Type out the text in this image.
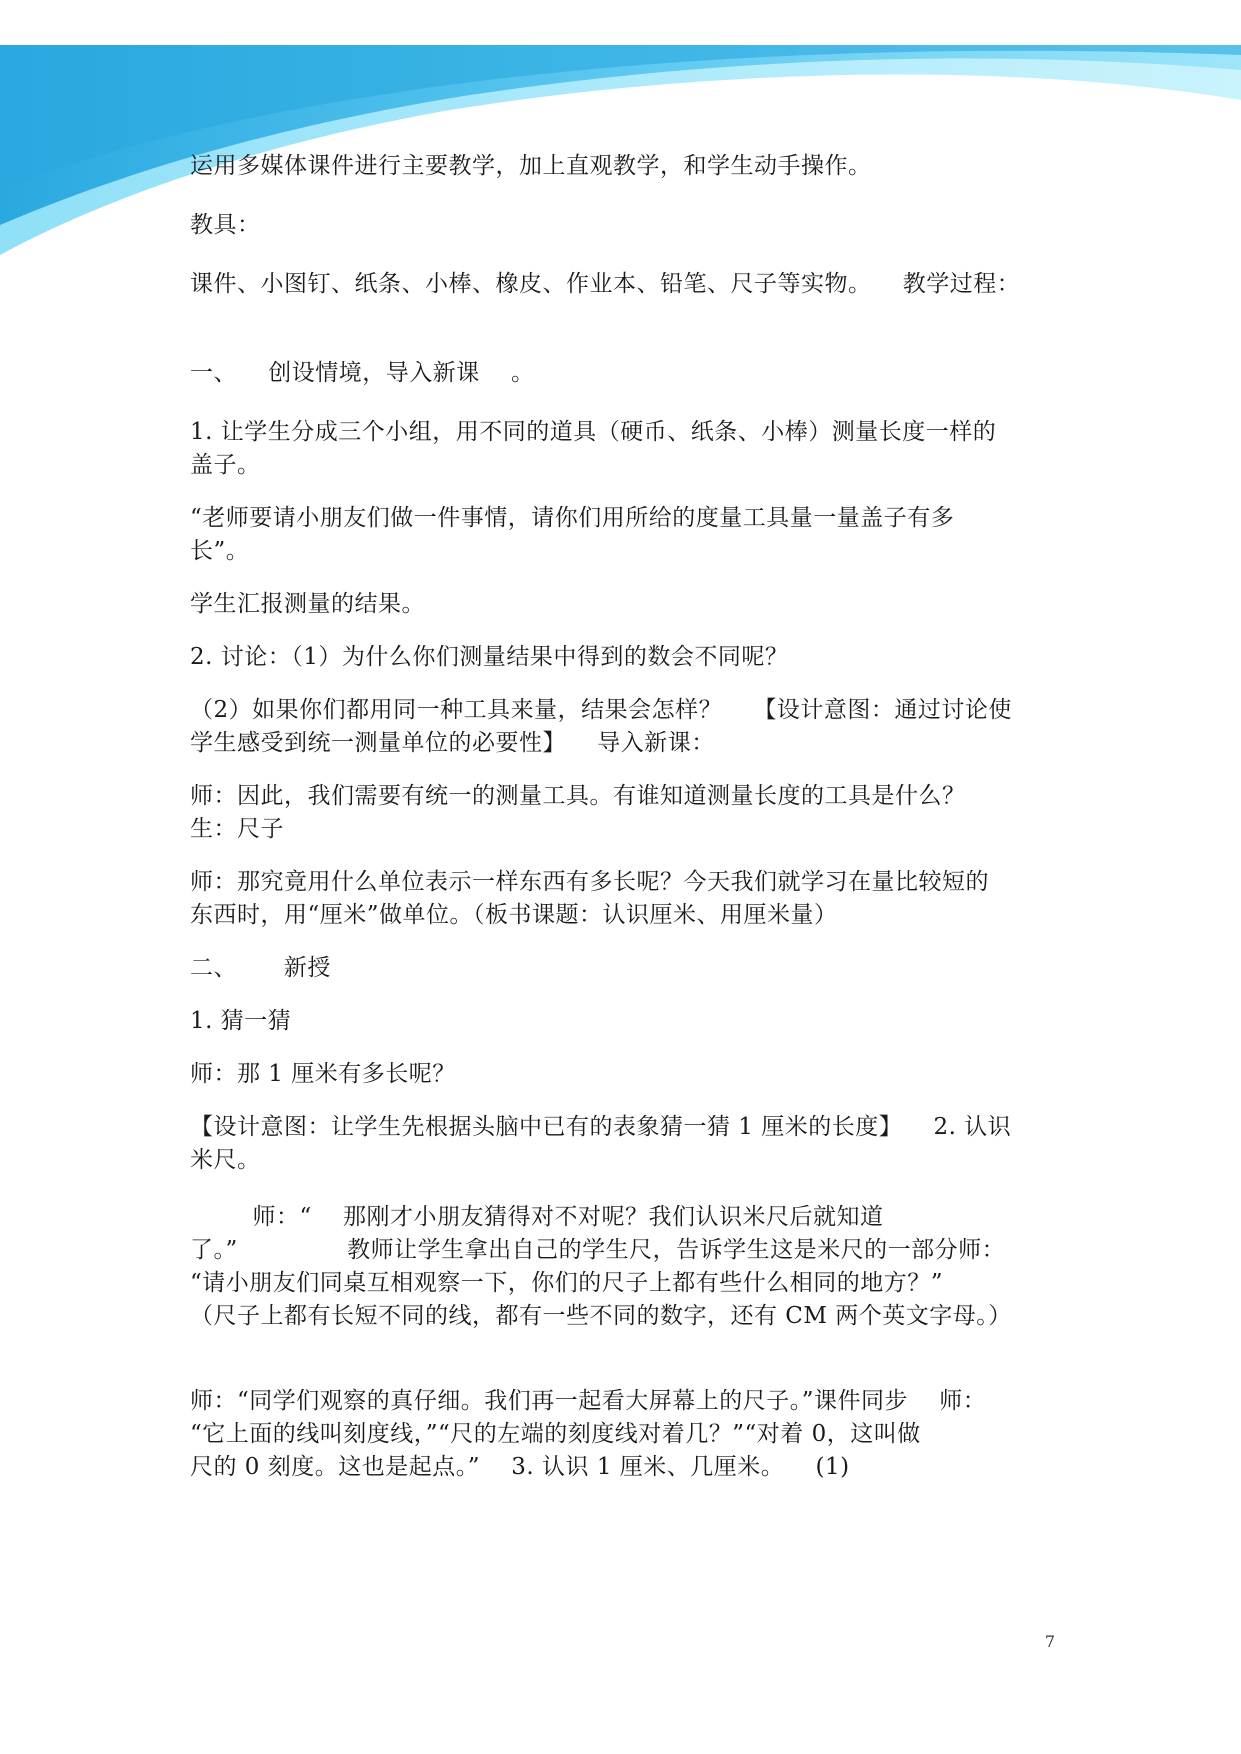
运用多媒体课件进行主要教学，加上直观教学，和学生动手操作。

教具：

课件、小图钉、纸条、小棒、橡皮、作业本、铅笔、尺子等实物。    教学过程：

一、    创设情境，导入新课    。

1. 让学生分成三个小组，用不同的道具（硬币、纸条、小棒）测量长度一样的

盖子。

“老师要请小朋友们做一件事情，请你们用所给的度量工具量一量盖子有多

长”。

学生汇报测量的结果。

2. 讨论：（1）为什么你们测量结果中得到的数会不同呢？

（2）如果你们都用同一种工具来量，结果会怎样？    【设计意图：通过讨论使

学生感受到统一测量单位的必要性】    导入新课：

师：因此，我们需要有统一的测量工具。有谁知道测量长度的工具是什么？

生：尺子

师：那究竟用什么单位表示一样东西有多长呢？今天我们就学习在量比较短的

东西时，用“厘米”做单位。（板书课题：认识厘米、用厘米量）

二、      新授

1. 猜一猜

师：那 1 厘米有多长呢？

【设计意图：让学生先根据头脑中已有的表象猜一猜 1 厘米的长度】    2. 认识

米尺。

师：“    那刚才小朋友猜得对不对呢？我们认识米尺后就知道

了。”              教师让学生拿出自己的学生尺，告诉学生这是米尺的一部分师：

“请小朋友们同桌互相观察一下，你们的尺子上都有些什么相同的地方？”

（尺子上都有长短不同的线，都有一些不同的数字，还有 CM 两个英文字母。）

师：“同学们观察的真仔细。我们再一起看大屏幕上的尺子。”课件同步    师：

“它上面的线叫刻度线，”“尺的左端的刻度线对着几？”“对着 0，这叫做

尺的 0 刻度。这也是起点。”    3. 认识 1 厘米、几厘米。    (1)

7
